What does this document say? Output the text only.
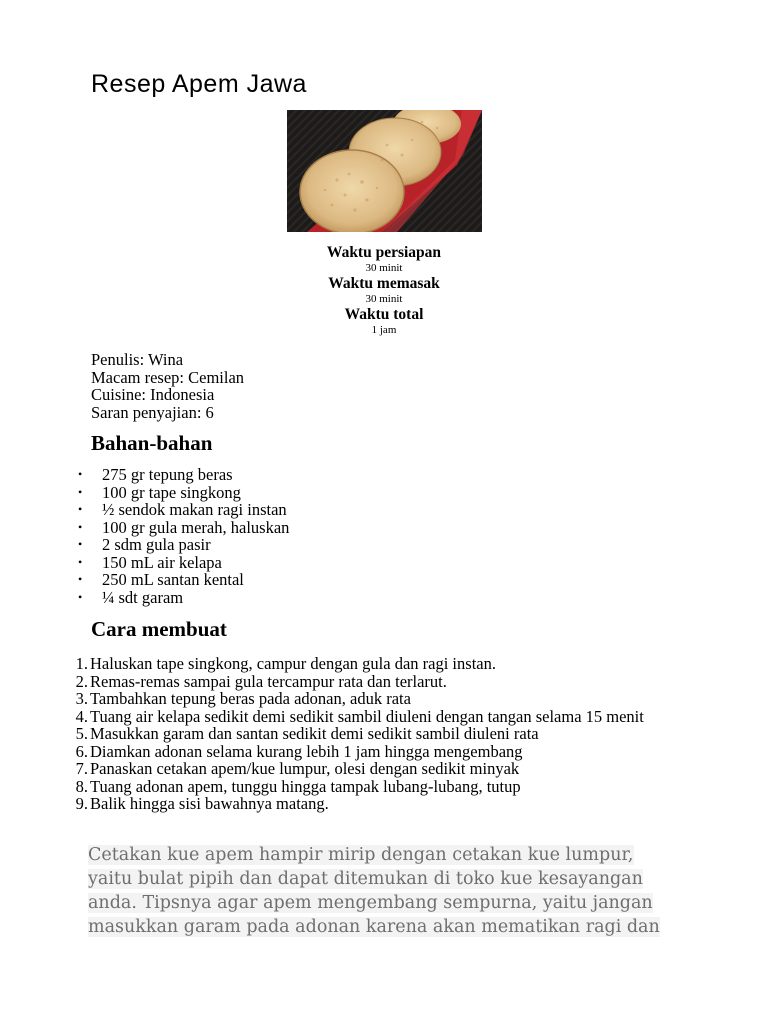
Resep Apem Jawa
Waktu persiapan
30 minit
Waktu memasak
30 minit
Waktu total
1 jam
Penulis: Wina
Macam resep: Cemilan
Cuisine: Indonesia
Saran penyajian: 6
Bahan-bahan
• 275 gr tepung beras
• 100 gr tape singkong
• ½ sendok makan ragi instan
• 100 gr gula merah, haluskan
• 2 sdm gula pasir
• 150 mL air kelapa
• 250 mL santan kental
• ¼ sdt garam
Cara membuat
1. Haluskan tape singkong, campur dengan gula dan ragi instan.
2. Remas-remas sampai gula tercampur rata dan terlarut.
3. Tambahkan tepung beras pada adonan, aduk rata
4. Tuang air kelapa sedikit demi sedikit sambil diuleni dengan tangan selama 15 menit
5. Masukkan garam dan santan sedikit demi sedikit sambil diuleni rata
6. Diamkan adonan selama kurang lebih 1 jam hingga mengembang
7. Panaskan cetakan apem/kue lumpur, olesi dengan sedikit minyak
8. Tuang adonan apem, tunggu hingga tampak lubang-lubang, tutup
9. Balik hingga sisi bawahnya matang.
Cetakan kue apem hampir mirip dengan cetakan kue lumpur, yaitu bulat pipih dan dapat ditemukan di toko kue kesayangan anda. Tipsnya agar apem mengembang sempurna, yaitu jangan masukkan garam pada adonan karena akan mematikan ragi dan
